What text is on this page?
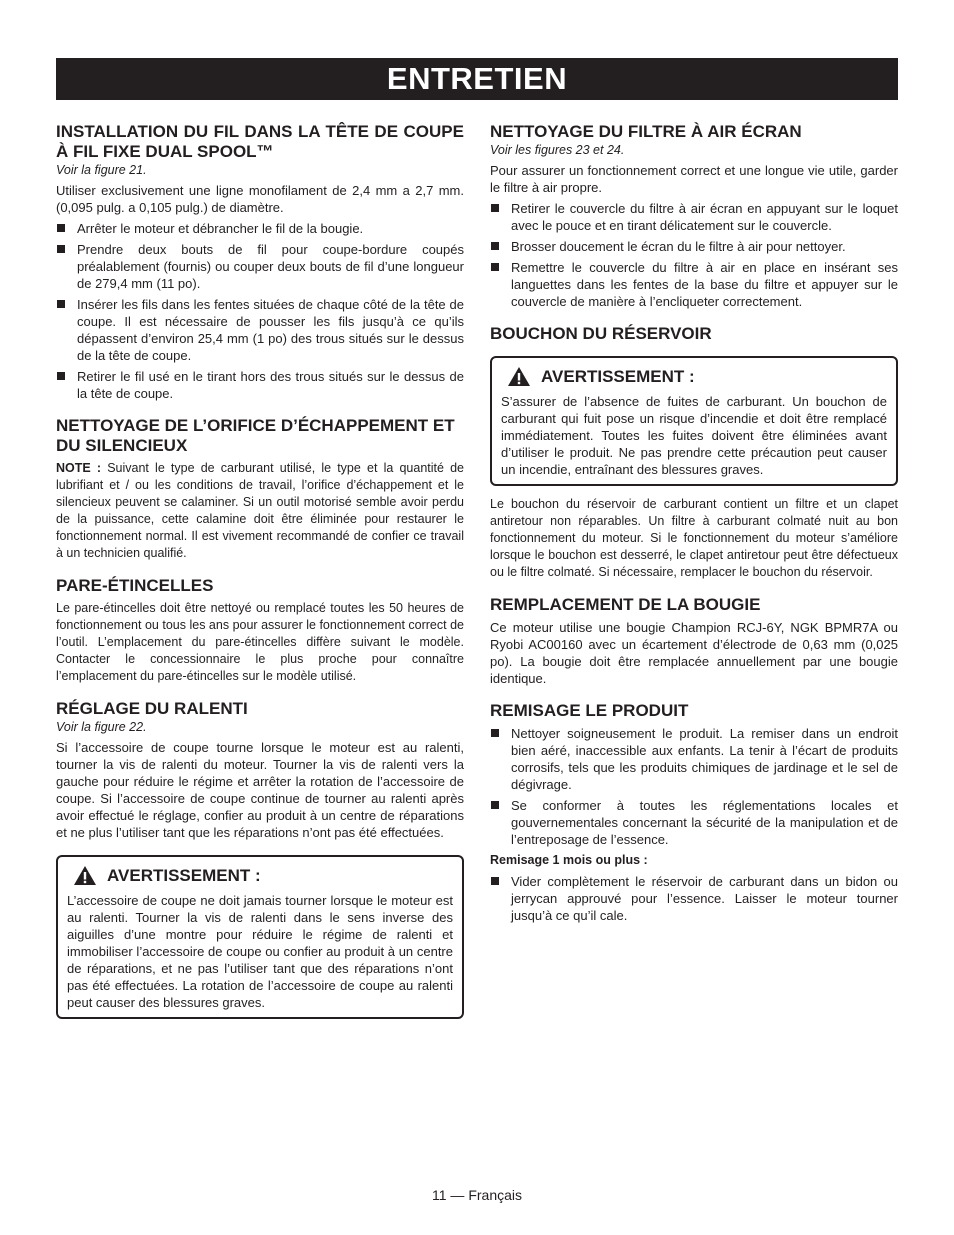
ENTRETIEN
INSTALLATION DU FIL DANS LA TÊTE DE COUPE À FIL FIXE DUAL SPOOL™
Voir la figure 21.

Utiliser exclusivement une ligne monofilament de 2,4 mm a 2,7 mm. (0,095 pulg. a 0,105 pulg.) de diamètre.

Arrêter le moteur et débrancher le fil de la bougie.
Prendre deux bouts de fil pour coupe-bordure coupés préalablement (fournis) ou couper deux bouts de fil d’une longueur de 279,4 mm (11 po).
Insérer les fils dans les fentes situées de chaque côté de la tête de coupe. Il est nécessaire de pousser les fils jusqu’à ce qu’ils dépassent d’environ 25,4 mm (1 po) des trous situés sur le dessus de la tête de coupe.
Retirer le fil usé en le tirant hors des trous situés sur le dessus de la tête de coupe.
NETTOYAGE DE L’ORIFICE D’ÉCHAPPEMENT ET DU SILENCIEUX

NOTE : Suivant le type de carburant utilisé, le type et la quantité de lubrifiant et / ou les conditions de travail, l’orifice d’échappement et le silencieux peuvent se calaminer. Si un outil motorisé semble avoir perdu de la puissance, cette calamine doit être éliminée pour restaurer le fonctionnement normal. Il est vivement recommandé de confier ce travail à un technicien qualifié.

PARE-ÉTINCELLES

Le pare-étincelles doit être nettoyé ou remplacé toutes les 50 heures de fonctionnement ou tous les ans pour assurer le fonctionnement correct de l’outil. L’emplacement du pare-étincelles diffère suivant le modèle. Contacter le concessionnaire le plus proche pour connaître l’emplacement du pare-étincelles sur le modèle utilisé.

RÉGLAGE DU RALENTI
Voir la figure 22.

Si l’accessoire de coupe tourne lorsque le moteur est au ralenti, tourner la vis de ralenti du moteur. Tourner la vis de ralenti vers la gauche pour réduire le régime et arrêter la rotation de l’accessoire de coupe. Si l’accessoire de coupe continue de tourner au ralenti après avoir effectué le réglage, confier au produit à un centre de réparations et ne plus l’utiliser tant que les réparations n’ont pas été effectuées.

AVERTISSEMENT :

L’accessoire de coupe ne doit jamais tourner lorsque le moteur est au ralenti. Tourner la vis de ralenti dans le sens inverse des aiguilles d’une montre pour réduire le régime de ralenti et immobiliser l’accessoire de coupe ou confier au produit à un centre de réparations, et ne pas l’utiliser tant que des réparations n’ont pas été effectuées. La rotation de l’accessoire de coupe au ralenti peut causer des blessures graves.

NETTOYAGE DU FILTRE À AIR ÉCRAN
Voir les figures 23 et 24.

Pour assurer un fonctionnement correct et une longue vie utile, garder le filtre à air propre.

Retirer le couvercle du filtre à air écran en appuyant sur le loquet avec le pouce et en tirant délicatement sur le couvercle.
Brosser doucement le écran du le filtre à air pour nettoyer.
Remettre le couvercle du filtre à air en place en insérant ses languettes dans les fentes de la base du filtre et appuyer sur le couvercle de manière à l’encliqueter correctement.
BOUCHON DU RÉSERVOIR
AVERTISSEMENT :

S’assurer de l’absence de fuites de carburant. Un bouchon de carburant qui fuit pose un risque d’incendie et doit être remplacé immédiatement. Toutes les fuites doivent être éliminées avant d’utiliser le produit. Ne pas prendre cette précaution peut causer un incendie, entraînant des blessures graves.

Le bouchon du réservoir de carburant contient un filtre et un clapet antiretour non réparables. Un filtre à carburant colmaté nuit au bon fonctionnement du moteur. Si le fonctionnement du moteur s’améliore lorsque le bouchon est desserré, le clapet antiretour peut être défectueux ou le filtre colmaté. Si nécessaire, remplacer le bouchon du réservoir.

REMPLACEMENT DE LA BOUGIE

Ce moteur utilise une bougie Champion RCJ-6Y, NGK BPMR7A ou Ryobi AC00160 avec un écartement d’électrode de 0,63 mm (0,025 po). La bougie doit être remplacée annuellement par une bougie identique.

REMISAGE LE PRODUIT
Nettoyer soigneusement le produit. La remiser dans un endroit bien aéré, inaccessible aux enfants. La tenir à l’écart de produits corrosifs, tels que les produits chimiques de jardinage et le sel de dégivrage.
Se conformer à toutes les réglementations locales et gouvernementales concernant la sécurité de la manipulation et de l’entreposage de l’essence.

Remisage 1 mois ou plus :

Vider complètement le réservoir de carburant dans un bidon ou jerrycan approuvé pour l’essence. Laisser le moteur tourner jusqu’à ce qu’il cale.
11 — Français
